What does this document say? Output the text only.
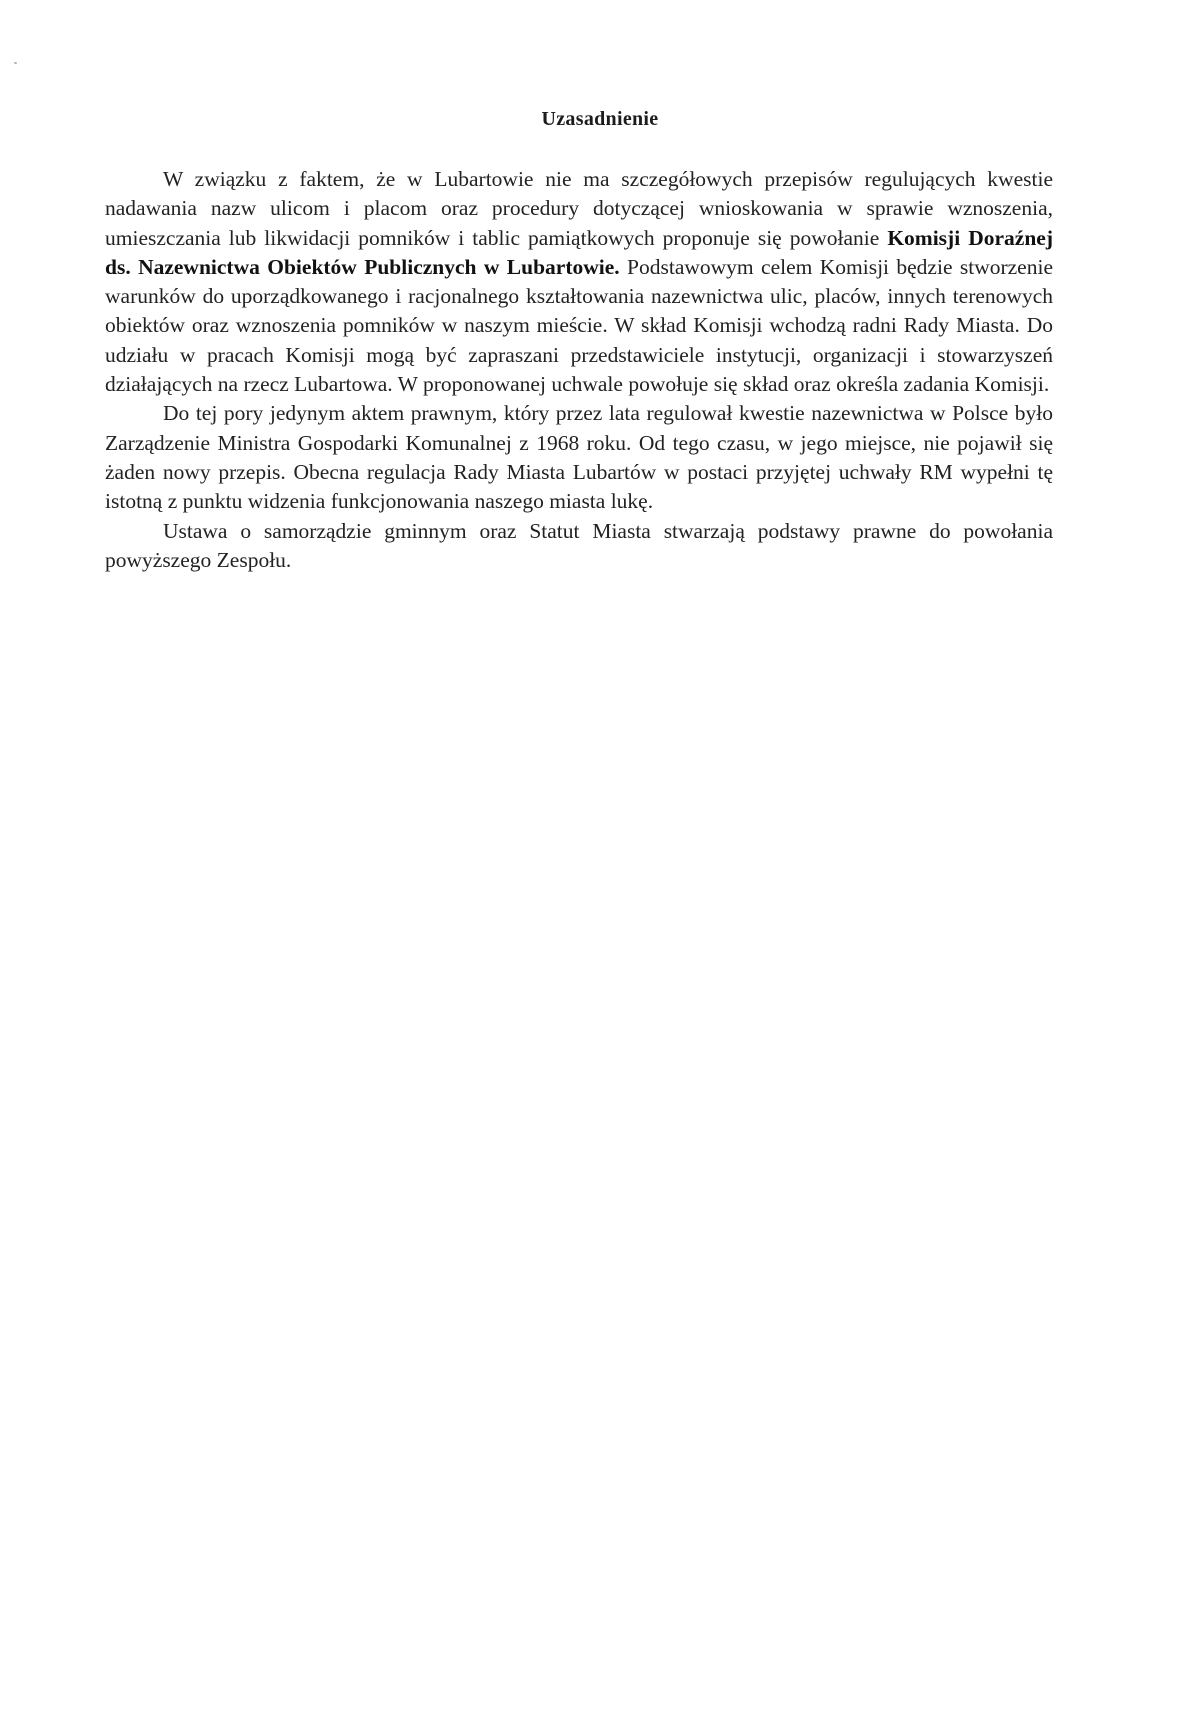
Uzasadnienie

W związku z faktem, że w Lubartowie nie ma szczegółowych przepisów regulujących kwestie nadawania nazw ulicom i placom oraz procedury dotyczącej wnioskowania w sprawie wznoszenia, umieszczania lub likwidacji pomników i tablic pamiątkowych proponuje się powołanie Komisji Doraźnej ds. Nazewnictwa Obiektów Publicznych w Lubartowie. Podstawowym celem Komisji będzie stworzenie warunków do uporządkowanego i racjonalnego kształtowania nazewnictwa ulic, placów, innych terenowych obiektów oraz wznoszenia pomników w naszym mieście. W skład Komisji wchodzą radni Rady Miasta. Do udziału w pracach Komisji mogą być zapraszani przedstawiciele instytucji, organizacji i stowarzyszeń działających na rzecz Lubartowa. W proponowanej uchwale powołuje się skład oraz określa zadania Komisji.

Do tej pory jedynym aktem prawnym, który przez lata regulował kwestie nazewnictwa w Polsce było Zarządzenie Ministra Gospodarki Komunalnej z 1968 roku. Od tego czasu, w jego miejsce, nie pojawił się żaden nowy przepis. Obecna regulacja Rady Miasta Lubartów w postaci przyjętej uchwały RM wypełni tę istotną z punktu widzenia funkcjonowania naszego miasta lukę.

Ustawa o samorządzie gminnym oraz Statut Miasta stwarzają podstawy prawne do powołania powyższego Zespołu.
